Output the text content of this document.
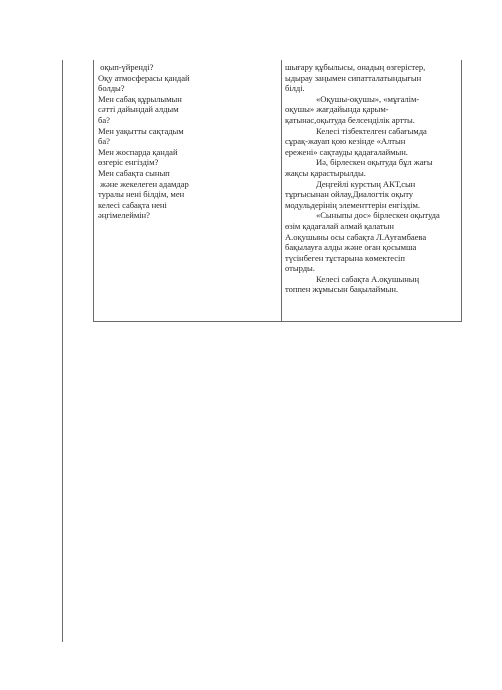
оқып-үйренді?
Оқу атмосферасы қандай
болды?
Мен сабақ құрылымын
сәтті дайындай алдым
ба?
Мен уақытты сақтадым
ба?
Мен жоспарда қандай
өзгеріс енгіздім?
Мен сабақта сынып
және жекелеген адамдар
туралы нені білдім, мен
келесі сабақта нені
әңгімелеймін?
шығару құбылысы, онадың өзгерістер,
ыдырау заңымен сипатталатындығын
білді.
«Оқушы-оқушы», «мұғалім-
оқушы» жағдайында қарым-
қатынас,оқытуда белсенділік артты.
Келесі тізбектелген сабағымда
сұрақ-жауап қою кезінде «Алтын
ережені» сақтауды қадағалаймын.
Иә, бірлескен оқытуда бұл жағы
жақсы қарастырылды.
Деңгейлі курстың АКТ,сын
тұрғысынан ойлау,Диалогтік оқыту
модульдерінің элементтерін енгіздім.
«Сыныпы дос» бірлескен оқытуда
өзім қадағалай алмай қалатын
А.оқушыны осы сабақта Л.Ауғамбаева
бақылауға алды және оған қосымша
түсінбеген тұстарына көмектесіп
отырды.
Келесі сабақта А.оқушының
топпен жұмысын бақылаймын.
